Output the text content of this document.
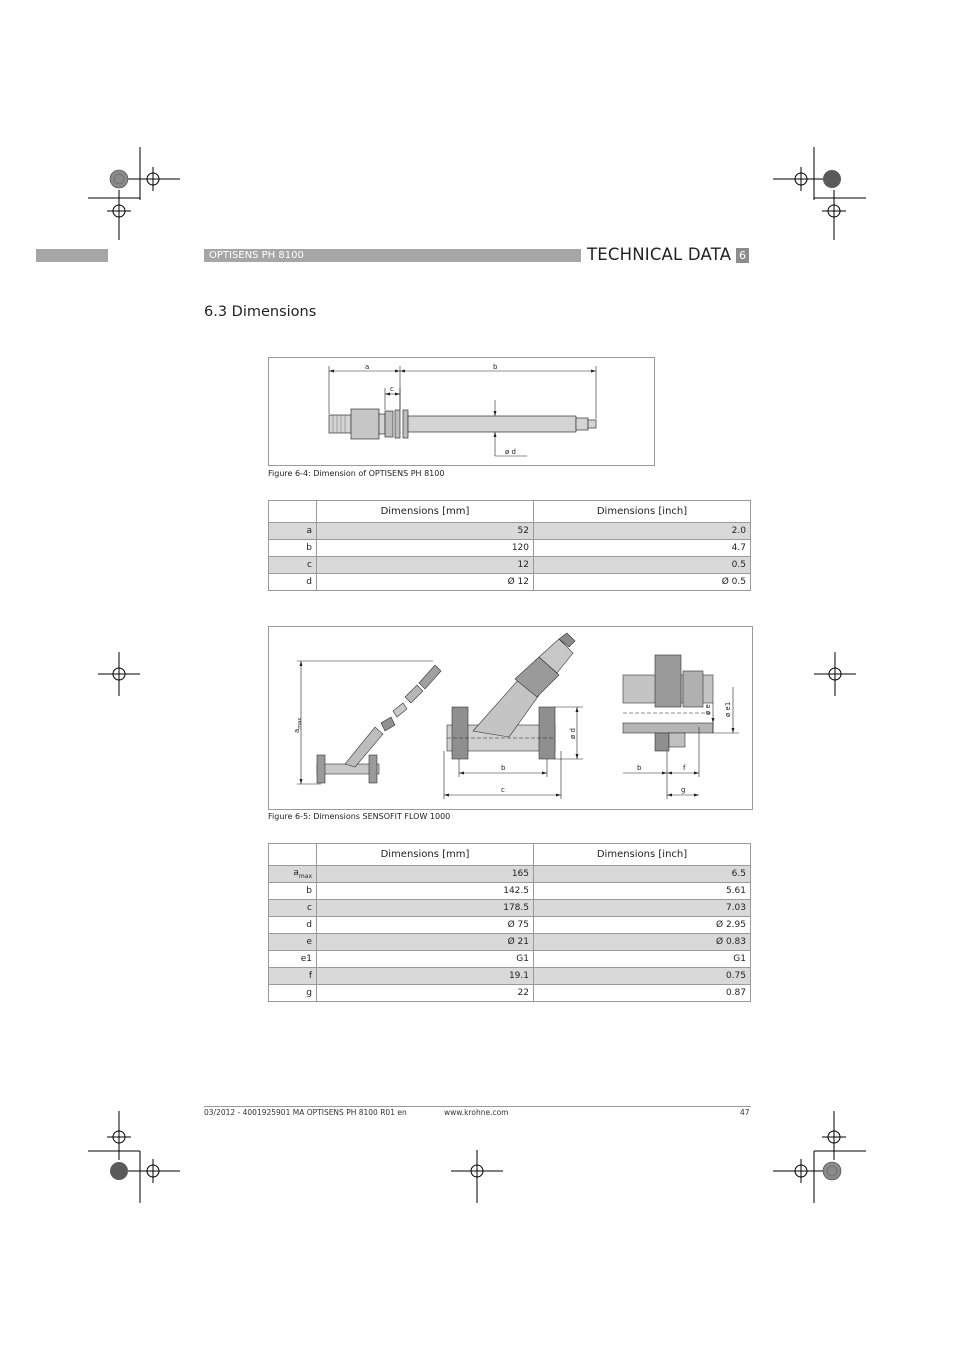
OPTISENS PH 8100	TECHNICAL DATA 6
6.3 Dimensions
a	b
c
ø d
Figure 6-4: Dimension of OPTISENS PH 8100
	Dimensions [mm]	Dimensions [inch]
a	52	2.0
b	120	4.7
c	12	0.5
d	Ø 12	Ø 0.5
$a_{max}$
b
c
ø d
b	f
g
ø e ø e1
Figure 6-5: Dimensions SENSOFIT FLOW 1000
	Dimensions [mm]	Dimensions [inch]
$a_{max}$	165	6.5
b	142.5	5.61
c	178.5	7.03
d	Ø 75	Ø 2.95
e	Ø 21	Ø 0.83
e1	G1	G1
f	19.1	0.75
g	22	0.87
03/2012 - 4001925901 MA OPTISENS PH 8100 R01 en	www.krohne.com	47
